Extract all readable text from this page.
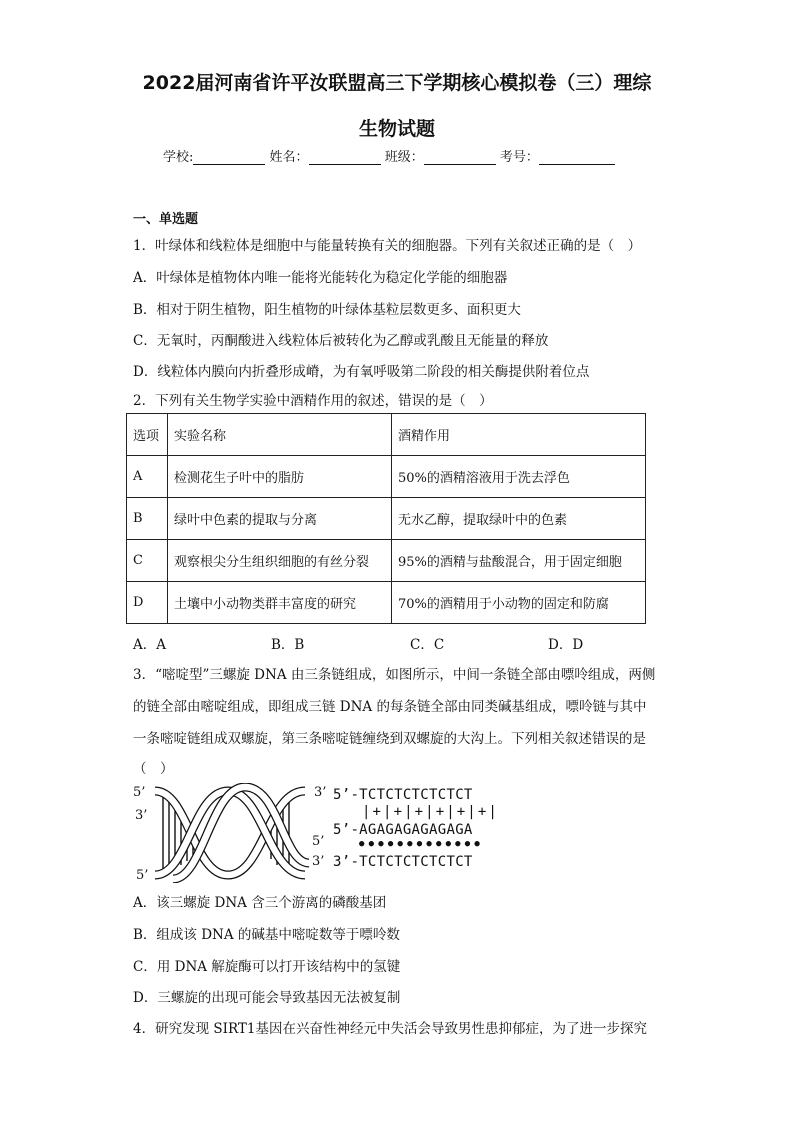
2022届河南省许平汝联盟高三下学期核心模拟卷（三）理综
生物试题
学校:	姓名：	班级：	考号：
一、单选题
1．叶绿体和线粒体是细胞中与能量转换有关的细胞器。下列有关叙述正确的是（　）
A．叶绿体是植物体内唯一能将光能转化为稳定化学能的细胞器
B．相对于阴生植物，阳生植物的叶绿体基粒层数更多、面积更大
C．无氧时，丙酮酸进入线粒体后被转化为乙醇或乳酸且无能量的释放
D．线粒体内膜向内折叠形成嵴，为有氧呼吸第二阶段的相关酶提供附着位点
2．下列有关生物学实验中酒精作用的叙述，错误的是（　）
选项	实验名称	酒精作用
A	检测花生子叶中的脂肪	50%的酒精溶液用于洗去浮色
B	绿叶中色素的提取与分离	无水乙醇，提取绿叶中的色素
C	观察根尖分生组织细胞的有丝分裂	95%的酒精与盐酸混合，用于固定细胞
D	土壤中小动物类群丰富度的研究	70%的酒精用于小动物的固定和防腐
A．A	B．B	C．C	D．D
3．“嘧啶型”三螺旋 DNA 由三条链组成，如图所示，中间一条链全部由嘌呤组成，两侧
的链全部由嘧啶组成，即组成三链 DNA 的每条链全部由同类碱基组成，嘌呤链与其中
一条嘧啶链组成双螺旋，第三条嘧啶链缠绕到双螺旋的大沟上。下列相关叙述错误的是
（　）
5’
3’
3’
5’
3’
5’
5’-TCTCTCTCTCTCT
|+|+|+|+|+|+|
5’-AGAGAGAGAGAGA
●●●●●●●●●●●●●
3’-TCTCTCTCTCTCT
A．该三螺旋 DNA 含三个游离的磷酸基团
B．组成该 DNA 的碱基中嘧啶数等于嘌呤数
C．用 DNA 解旋酶可以打开该结构中的氢键
D．三螺旋的出现可能会导致基因无法被复制
4．研究发现 SIRT1基因在兴奋性神经元中失活会导致男性患抑郁症，为了进一步探究
